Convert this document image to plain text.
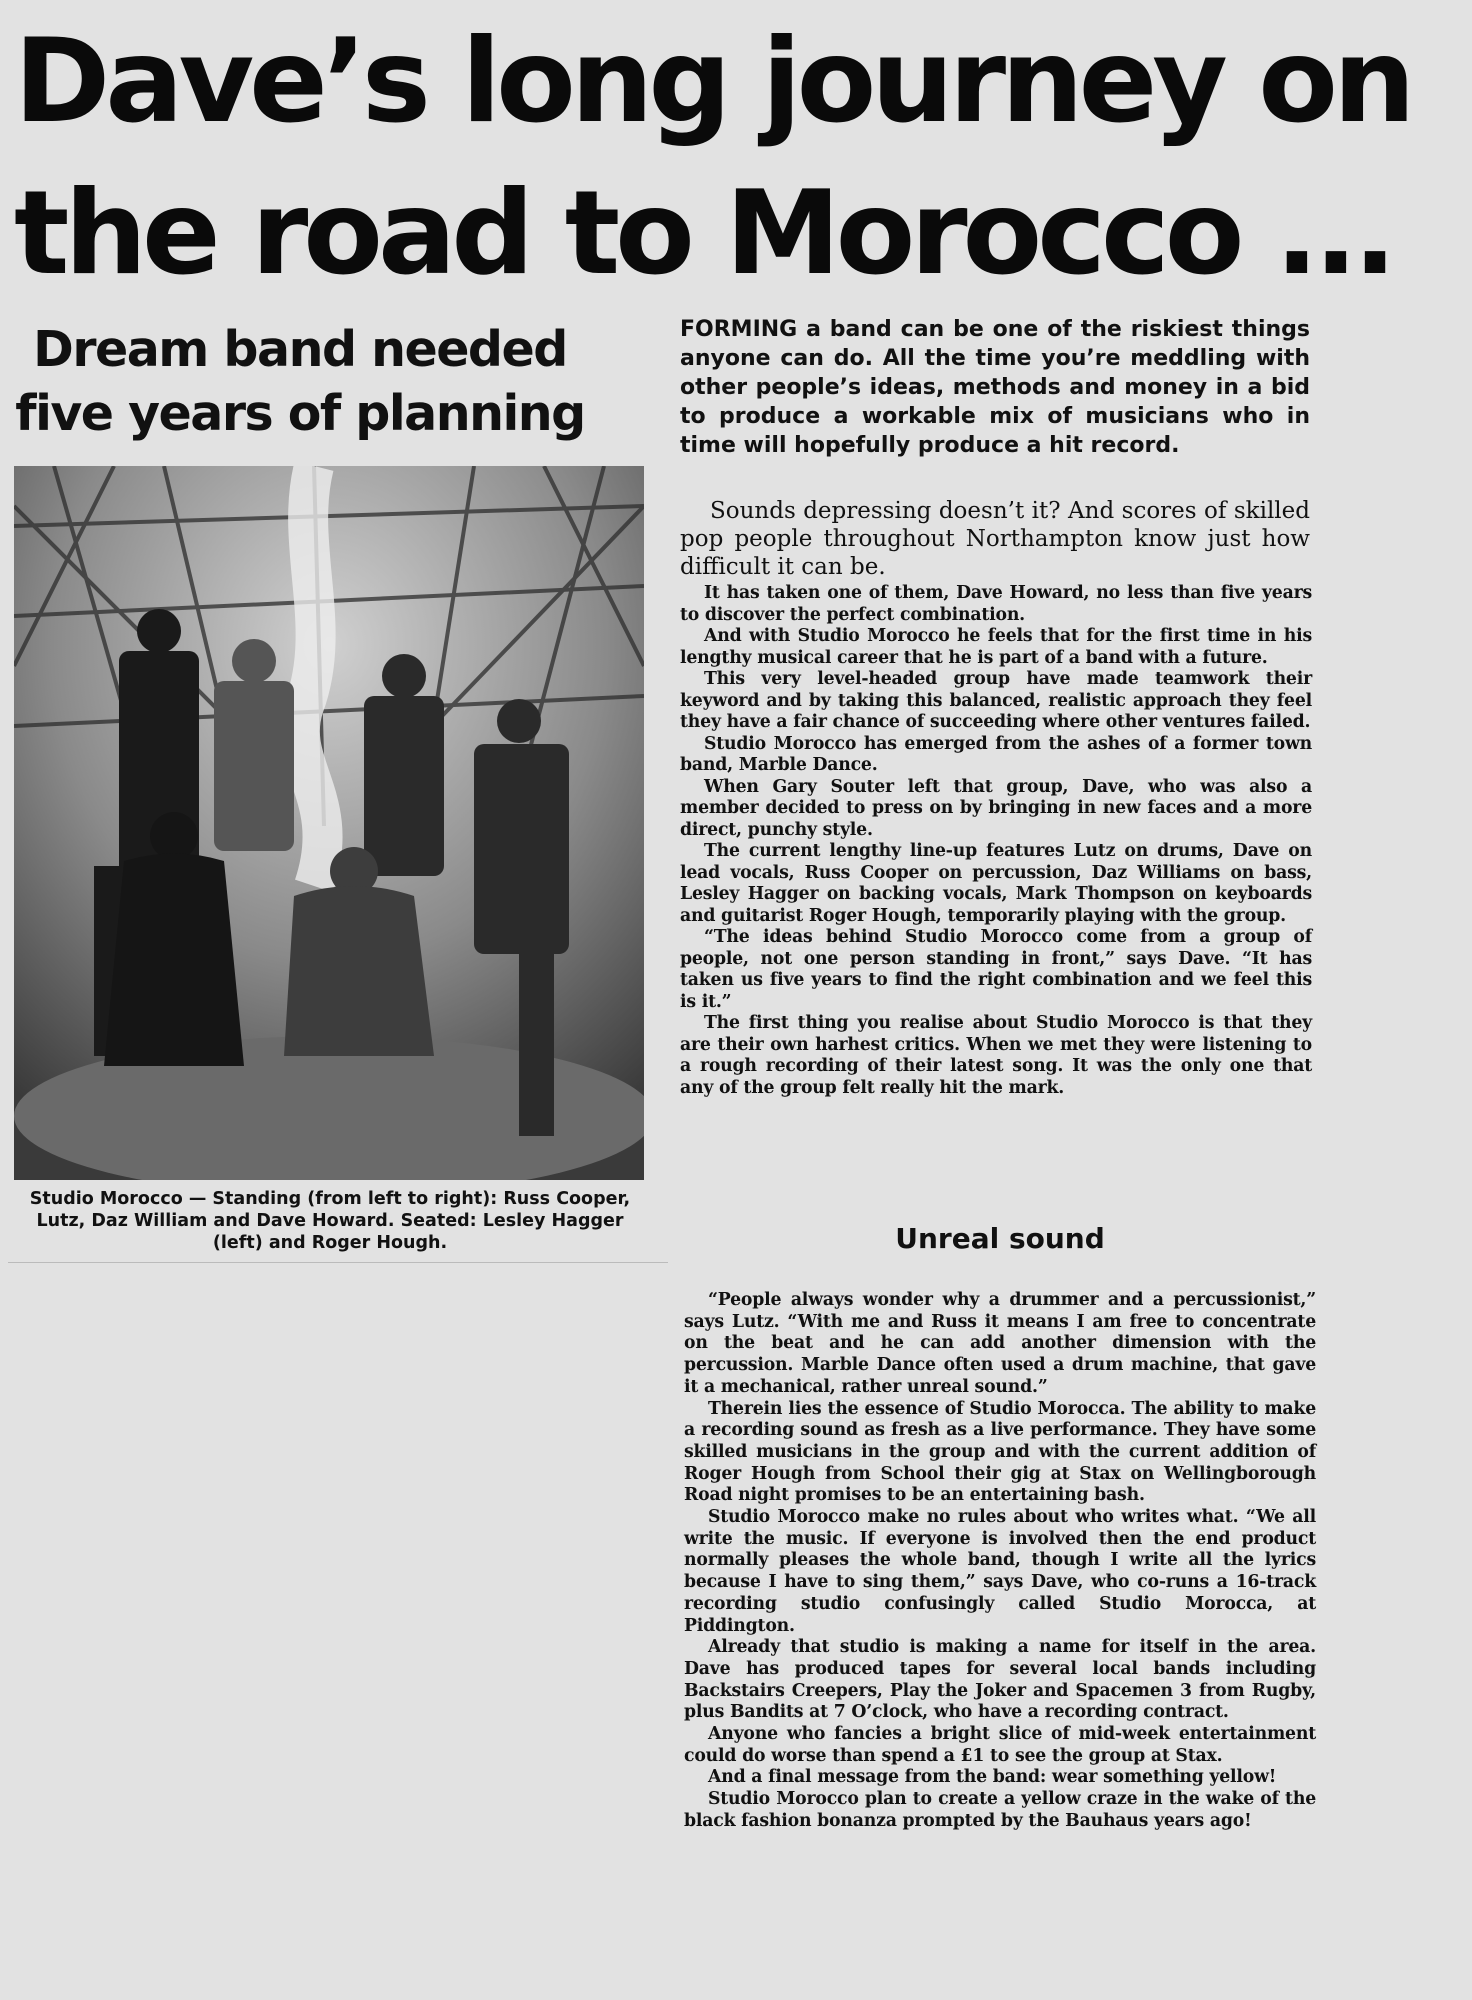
Dave’s long journey on
the road to Morocco ...
Dream band needed
five years of planning
Studio Morocco — Standing (from left to right): Russ Cooper, Lutz, Daz William and Dave Howard. Seated: Lesley Hagger (left) and Roger Hough.

FORMING a band can be one of the riskiest things anyone can do. All the time you’re meddling with other people’s ideas, methods and money in a bid to produce a workable mix of musicians who in time will hopefully produce a hit record.

Sounds depressing doesn’t it? And scores of skilled pop people throughout Northampton know just how difficult it can be.

It has taken one of them, Dave Howard, no less than five years to discover the perfect combination.

And with Studio Morocco he feels that for the first time in his lengthy musical career that he is part of a band with a future.

This very level-headed group have made teamwork their keyword and by taking this balanced, realistic approach they feel they have a fair chance of succeeding where other ventures failed.

Studio Morocco has emerged from the ashes of a former town band, Marble Dance.

When Gary Souter left that group, Dave, who was also a member decided to press on by bringing in new faces and a more direct, punchy style.

The current lengthy line-up features Lutz on drums, Dave on lead vocals, Russ Cooper on percussion, Daz Williams on bass, Lesley Hagger on backing vocals, Mark Thompson on keyboards and guitarist Roger Hough, temporarily playing with the group.

“The ideas behind Studio Morocco come from a group of people, not one person standing in front,” says Dave. “It has taken us five years to find the right combination and we feel this is it.”

The first thing you realise about Studio Morocco is that they are their own harhest critics. When we met they were listening to a rough recording of their latest song. It was the only one that any of the group felt really hit the mark.

Unreal sound

“People always wonder why a drummer and a percussionist,” says Lutz. “With me and Russ it means I am free to concentrate on the beat and he can add another dimension with the percussion. Marble Dance often used a drum machine, that gave it a mechanical, rather unreal sound.”

Therein lies the essence of Studio Morocca. The ability to make a recording sound as fresh as a live performance. They have some skilled musicians in the group and with the current addition of Roger Hough from School their gig at Stax on Wellingborough Road night promises to be an entertaining bash.

Studio Morocco make no rules about who writes what. “We all write the music. If everyone is involved then the end product normally pleases the whole band, though I write all the lyrics because I have to sing them,” says Dave, who co-runs a 16-track recording studio confusingly called Studio Morocca, at Piddington.

Already that studio is making a name for itself in the area. Dave has produced tapes for several local bands including Backstairs Creepers, Play the Joker and Spacemen 3 from Rugby, plus Bandits at 7 O’clock, who have a recording contract.

Anyone who fancies a bright slice of mid-week entertainment could do worse than spend a £1 to see the group at Stax.

And a final message from the band: wear something yellow!

Studio Morocco plan to create a yellow craze in the wake of the black fashion bonanza prompted by the Bauhaus years ago!
